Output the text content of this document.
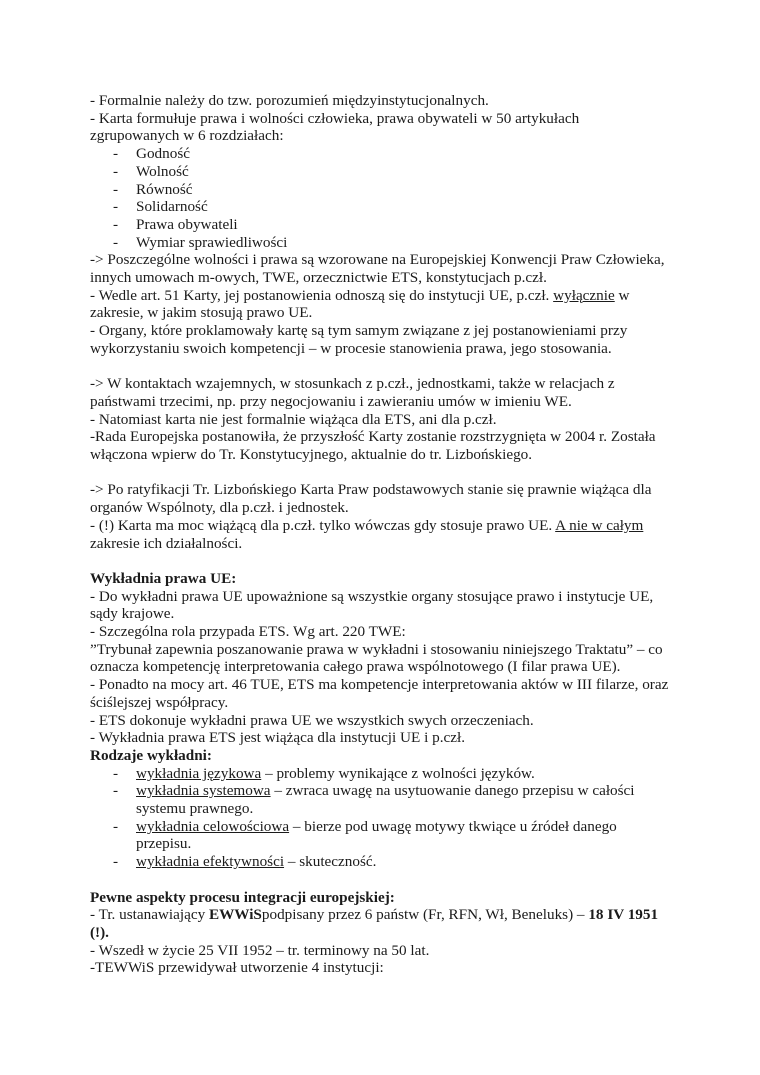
- Formalnie należy do tzw. porozumień międzyinstytucjonalnych.

- Karta formułuje prawa i wolności człowieka, prawa obywateli w 50 artykułach zgrupowanych w 6 rozdziałach:

- Godność
- Wolność
- Równość
- Solidarność
- Prawa obywateli
- Wymiar sprawiedliwości

-> Poszczególne wolności i prawa są wzorowane na Europejskiej Konwencji Praw Człowieka, innych umowach m-owych, TWE, orzecznictwie ETS, konstytucjach p.czł.

- Wedle art. 51 Karty, jej postanowienia odnoszą się do instytucji UE, p.czł. wyłącznie w zakresie, w jakim stosują prawo UE.

- Organy, które proklamowały kartę są tym samym związane z jej postanowieniami przy wykorzystaniu swoich kompetencji – w procesie stanowienia prawa, jego stosowania.

-> W kontaktach wzajemnych, w stosunkach z p.czł., jednostkami, także w relacjach z państwami trzecimi, np. przy negocjowaniu i zawieraniu umów w imieniu WE.

- Natomiast karta nie jest formalnie wiążąca dla ETS, ani dla p.czł.

-Rada Europejska postanowiła, że przyszłość Karty zostanie rozstrzygnięta w 2004 r. Została włączona wpierw do Tr. Konstytucyjnego, aktualnie do tr. Lizbońskiego.

-> Po ratyfikacji Tr. Lizbońskiego Karta Praw podstawowych stanie się prawnie wiążąca dla organów Wspólnoty, dla p.czł. i jednostek.

- (!) Karta ma moc wiążącą dla p.czł. tylko wówczas gdy stosuje prawo UE. A nie w całym zakresie ich działalności.

Wykładnia prawa UE:

- Do wykładni prawa UE upoważnione są wszystkie organy stosujące prawo i instytucje UE, sądy krajowe.

- Szczególna rola przypada ETS. Wg art. 220 TWE:

”Trybunał zapewnia poszanowanie prawa w wykładni i stosowaniu niniejszego Traktatu” – co oznacza kompetencję interpretowania całego prawa wspólnotowego (I filar prawa UE).

- Ponadto na mocy art. 46 TUE, ETS ma kompetencje interpretowania aktów w III filarze, oraz ściślejszej współpracy.

- ETS dokonuje wykładni prawa UE we wszystkich swych orzeczeniach.

- Wykładnia prawa ETS jest wiążąca dla instytucji UE i p.czł.

Rodzaje wykładni:

- wykładnia językowa – problemy wynikające z wolności języków.
- wykładnia systemowa – zwraca uwagę na usytuowanie danego przepisu w całości systemu prawnego.
- wykładnia celowościowa – bierze pod uwagę motywy tkwiące u źródeł danego przepisu.
- wykładnia efektywności – skuteczność.

Pewne aspekty procesu integracji europejskiej:

- Tr. ustanawiający EWWiSpodpisany przez 6 państw (Fr, RFN, Wł, Beneluks) – 18 IV 1951 (!).

- Wszedł w życie 25 VII 1952 – tr. terminowy na 50 lat.

-TEWWiS przewidywał utworzenie 4 instytucji:
